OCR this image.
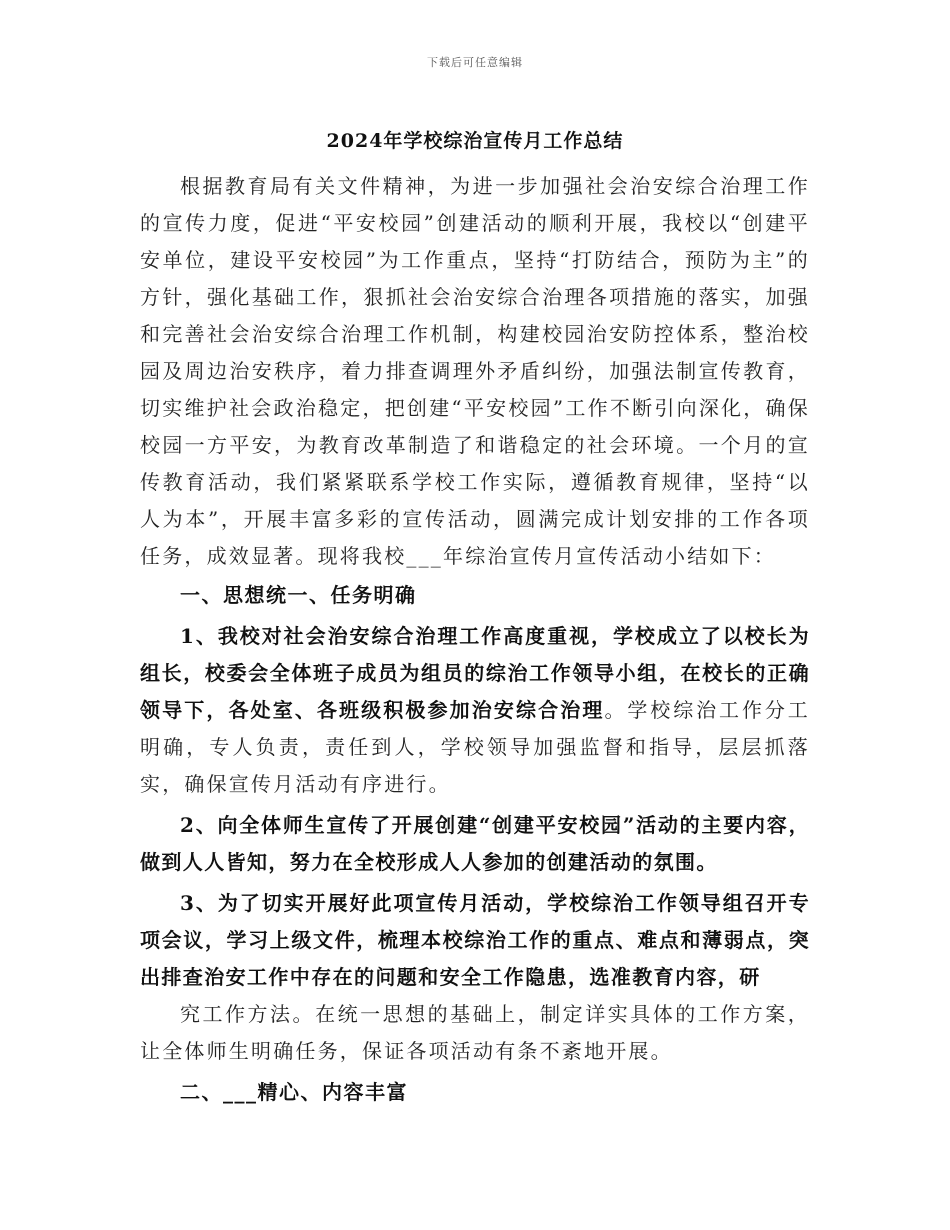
下载后可任意编辑
2024年学校综治宣传月工作总结

根据教育局有关文件精神，为进一步加强社会治安综合治理工作的宣传力度，促进“平安校园”创建活动的顺利开展，我校以“创建平安单位，建设平安校园”为工作重点，坚持“打防结合，预防为主”的方针，强化基础工作，狠抓社会治安综合治理各项措施的落实，加强和完善社会治安综合治理工作机制，构建校园治安防控体系，整治校园及周边治安秩序，着力排查调理外矛盾纠纷，加强法制宣传教育，切实维护社会政治稳定，把创建“平安校园”工作不断引向深化，确保校园一方平安，为教育改革制造了和谐稳定的社会环境。一个月的宣传教育活动，我们紧紧联系学校工作实际，遵循教育规律，坚持“以人为本”，开展丰富多彩的宣传活动，圆满完成计划安排的工作各项任务，成效显著。现将我校___年综治宣传月宣传活动小结如下：

一、思想统一、任务明确

1、我校对社会治安综合治理工作高度重视，学校成立了以校长为组长，校委会全体班子成员为组员的综治工作领导小组，在校长的正确领导下，各处室、各班级积极参加治安综合治理。学校综治工作分工明确，专人负责，责任到人，学校领导加强监督和指导，层层抓落实，确保宣传月活动有序进行。

2、向全体师生宣传了开展创建“创建平安校园”活动的主要内容，做到人人皆知，努力在全校形成人人参加的创建活动的氛围。

3、为了切实开展好此项宣传月活动，学校综治工作领导组召开专项会议，学习上级文件，梳理本校综治工作的重点、难点和薄弱点，突出排查治安工作中存在的问题和安全工作隐患，选准教育内容，研

究工作方法。在统一思想的基础上，制定详实具体的工作方案，让全体师生明确任务，保证各项活动有条不紊地开展。

二、___精心、内容丰富
